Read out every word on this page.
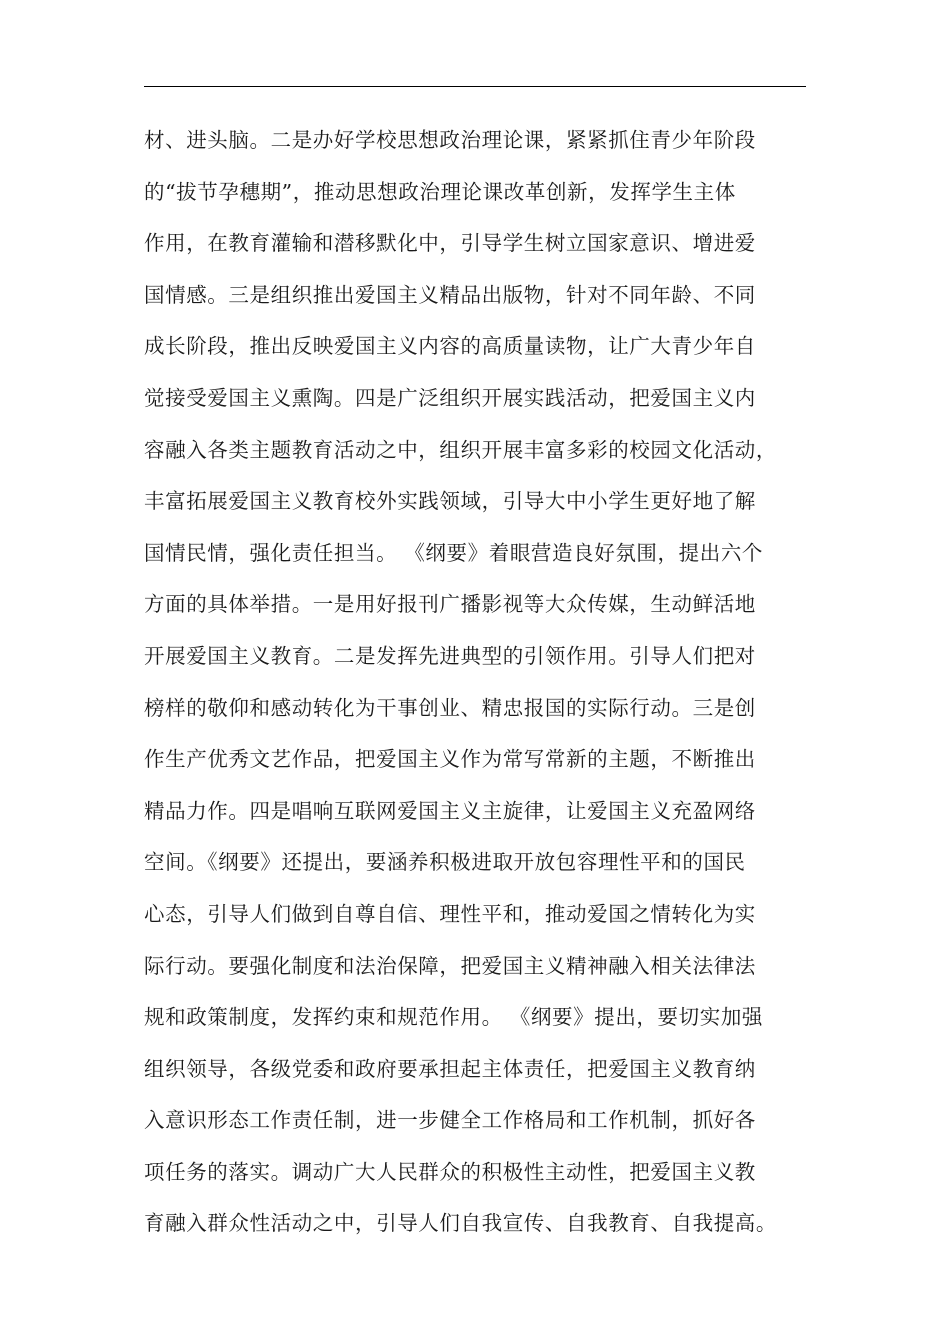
材、进头脑。二是办好学校思想政治理论课，紧紧抓住青少年阶段
的“拔节孕穗期”，推动思想政治理论课改革创新，发挥学生主体
作用，在教育灌输和潜移默化中，引导学生树立国家意识、增进爱
国情感。三是组织推出爱国主义精品出版物，针对不同年龄、不同
成长阶段，推出反映爱国主义内容的高质量读物，让广大青少年自
觉接受爱国主义熏陶。四是广泛组织开展实践活动，把爱国主义内
容融入各类主题教育活动之中，组织开展丰富多彩的校园文化活动，
丰富拓展爱国主义教育校外实践领域，引导大中小学生更好地了解
国情民情，强化责任担当。 《纲要》着眼营造良好氛围，提出六个
方面的具体举措。一是用好报刊广播影视等大众传媒，生动鲜活地
开展爱国主义教育。二是发挥先进典型的引领作用。引导人们把对
榜样的敬仰和感动转化为干事创业、精忠报国的实际行动。三是创
作生产优秀文艺作品，把爱国主义作为常写常新的主题，不断推出
精品力作。四是唱响互联网爱国主义主旋律，让爱国主义充盈网络
空间。《纲要》还提出，要涵养积极进取开放包容理性平和的国民
心态，引导人们做到自尊自信、理性平和，推动爱国之情转化为实
际行动。要强化制度和法治保障，把爱国主义精神融入相关法律法
规和政策制度，发挥约束和规范作用。 《纲要》提出，要切实加强
组织领导，各级党委和政府要承担起主体责任，把爱国主义教育纳
入意识形态工作责任制，进一步健全工作格局和工作机制，抓好各
项任务的落实。调动广大人民群众的积极性主动性，把爱国主义教
育融入群众性活动之中，引导人们自我宣传、自我教育、自我提高。
